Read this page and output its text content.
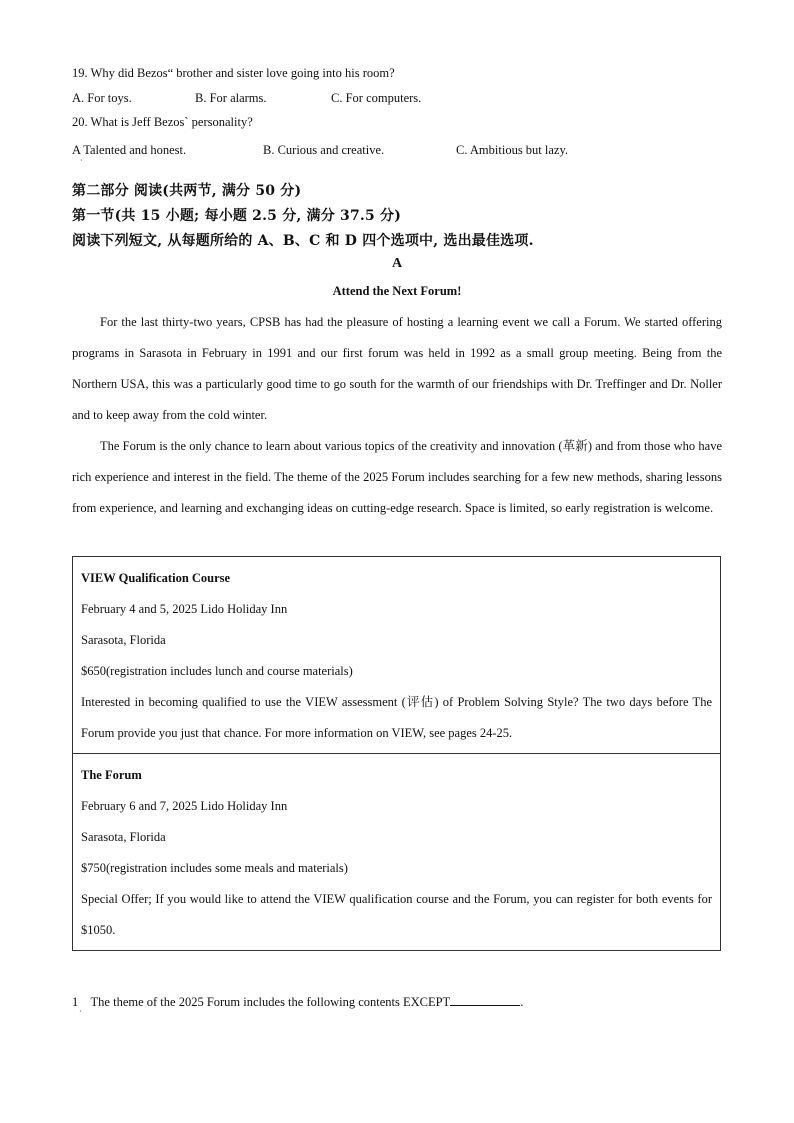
19. Why did Bezos“ brother and sister love going into his room?
A. For toys.	B. For alarms.	C. For computers.
20. What is Jeff Bezos` personality?
A Talented and honest.
·
B. Curious and creative.	C. Ambitious but lazy.
第二部分 阅读(共两节, 满分 50 分)
第一节(共 15 小题; 每小题 2.5 分, 满分 37.5 分)
阅读下列短文, 从每题所给的 A、B、C 和 D 四个选项中, 选出最佳选项.
A
Attend the Next Forum!

For the last thirty-two years, CPSB has had the pleasure of hosting a learning event we call a Forum. We started offering programs in Sarasota in February in 1991 and our first forum was held in 1992 as a small group meeting. Being from the Northern USA, this was a particularly good time to go south for the warmth of our friendships with Dr. Treffinger and Dr. Noller and to keep away from the cold winter.

The Forum is the only chance to learn about various topics of the creativity and innovation (革新) and from those who have rich experience and interest in the field. The theme of the 2025 Forum includes searching for a few new methods, sharing lessons from experience, and learning and exchanging ideas on cutting-edge research. Space is limited, so early registration is welcome.

VIEW Qualification Course
February 4 and 5, 2025 Lido Holiday Inn
Sarasota, Florida
$650(registration includes lunch and course materials)
Interested in becoming qualified to use the VIEW assessment (评估) of Problem Solving Style? The two days before The Forum provide you just that chance. For more information on VIEW, see pages 24-25.
The Forum
February 6 and 7, 2025 Lido Holiday Inn
Sarasota, Florida
$750(registration includes some meals and materials)
Special Offer; If you would like to attend the VIEW qualification course and the Forum, you can register for both events for $1050.
1 The theme of the 2025 Forum includes the following contents EXCEPT	.
·
